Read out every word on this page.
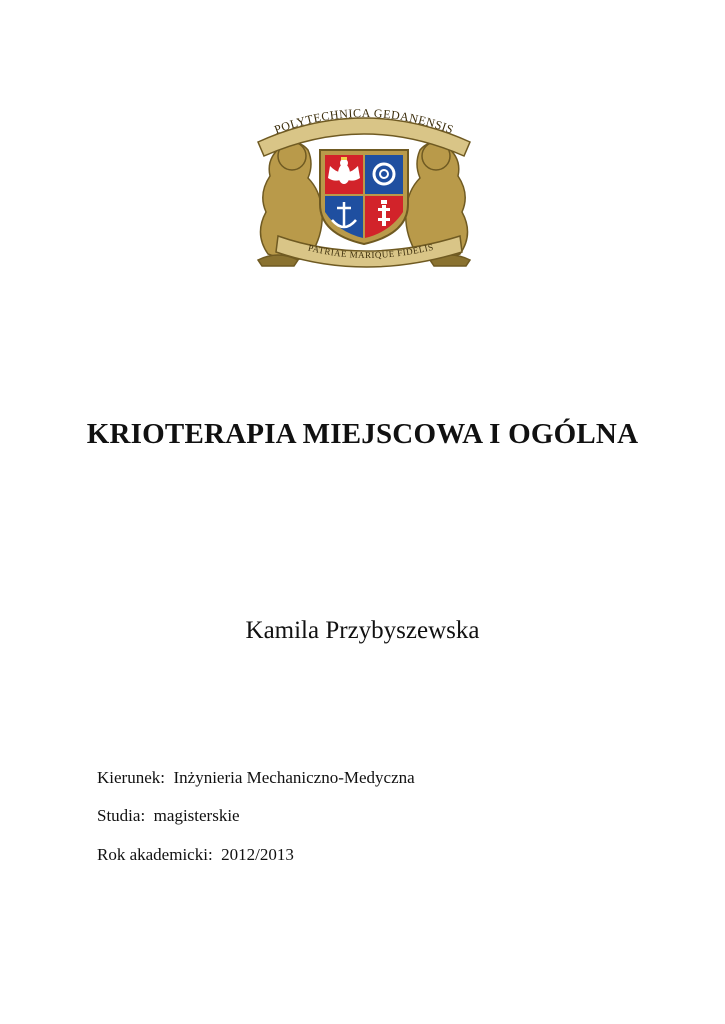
POLYTECHNICA GEDANENSIS
PATRIAE MARIQUE FIDELIS
KRIOTERAPIA MIEJSCOWA I OGÓLNA
Kamila Przybyszewska
Kierunek: Inżynieria Mechaniczno-Medyczna
Studia: magisterskie
Rok akademicki: 2012/2013
